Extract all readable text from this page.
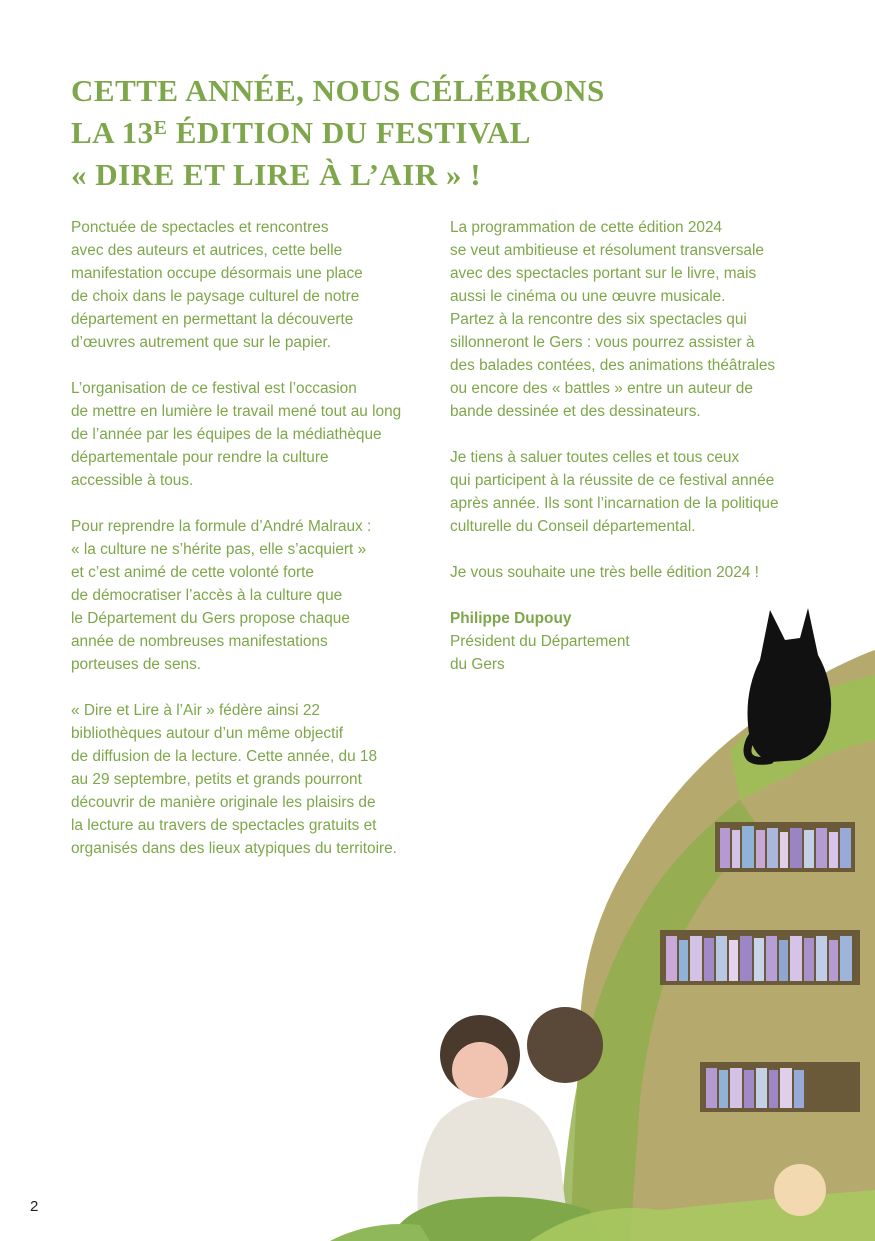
CETTE ANNÉE, NOUS CÉLÉBRONS
LA $13^E$ ÉDITION DU FESTIVAL
« DIRE ET LIRE À L’AIR » !

Ponctuée de spectacles et rencontres
avec des auteurs et autrices, cette belle
manifestation occupe désormais une place
de choix dans le paysage culturel de notre
département en permettant la découverte
d’œuvres autrement que sur le papier.

L’organisation de ce festival est l’occasion
de mettre en lumière le travail mené tout au long
de l’année par les équipes de la médiathèque
départementale pour rendre la culture
accessible à tous.

Pour reprendre la formule d’André Malraux :
« la culture ne s’hérite pas, elle s’acquiert »
et c’est animé de cette volonté forte
de démocratiser l’accès à la culture que
le Département du Gers propose chaque
année de nombreuses manifestations
porteuses de sens.

« Dire et Lire à l’Air » fédère ainsi 22
bibliothèques autour d’un même objectif
de diffusion de la lecture. Cette année, du 18
au 29 septembre, petits et grands pourront
découvrir de manière originale les plaisirs de
la lecture au travers de spectacles gratuits et
organisés dans des lieux atypiques du territoire.

La programmation de cette édition 2024
se veut ambitieuse et résolument transversale
avec des spectacles portant sur le livre, mais
aussi le cinéma ou une œuvre musicale.
Partez à la rencontre des six spectacles qui
sillonneront le Gers : vous pourrez assister à
des balades contées, des animations théâtrales
ou encore des « battles » entre un auteur de
bande dessinée et des dessinateurs.

Je tiens à saluer toutes celles et tous ceux
qui participent à la réussite de ce festival année
après année. Ils sont l’incarnation de la politique
culturelle du Conseil départemental.

Je vous souhaite une très belle édition 2024 !

Philippe Dupouy

Président du Département
du Gers

2
